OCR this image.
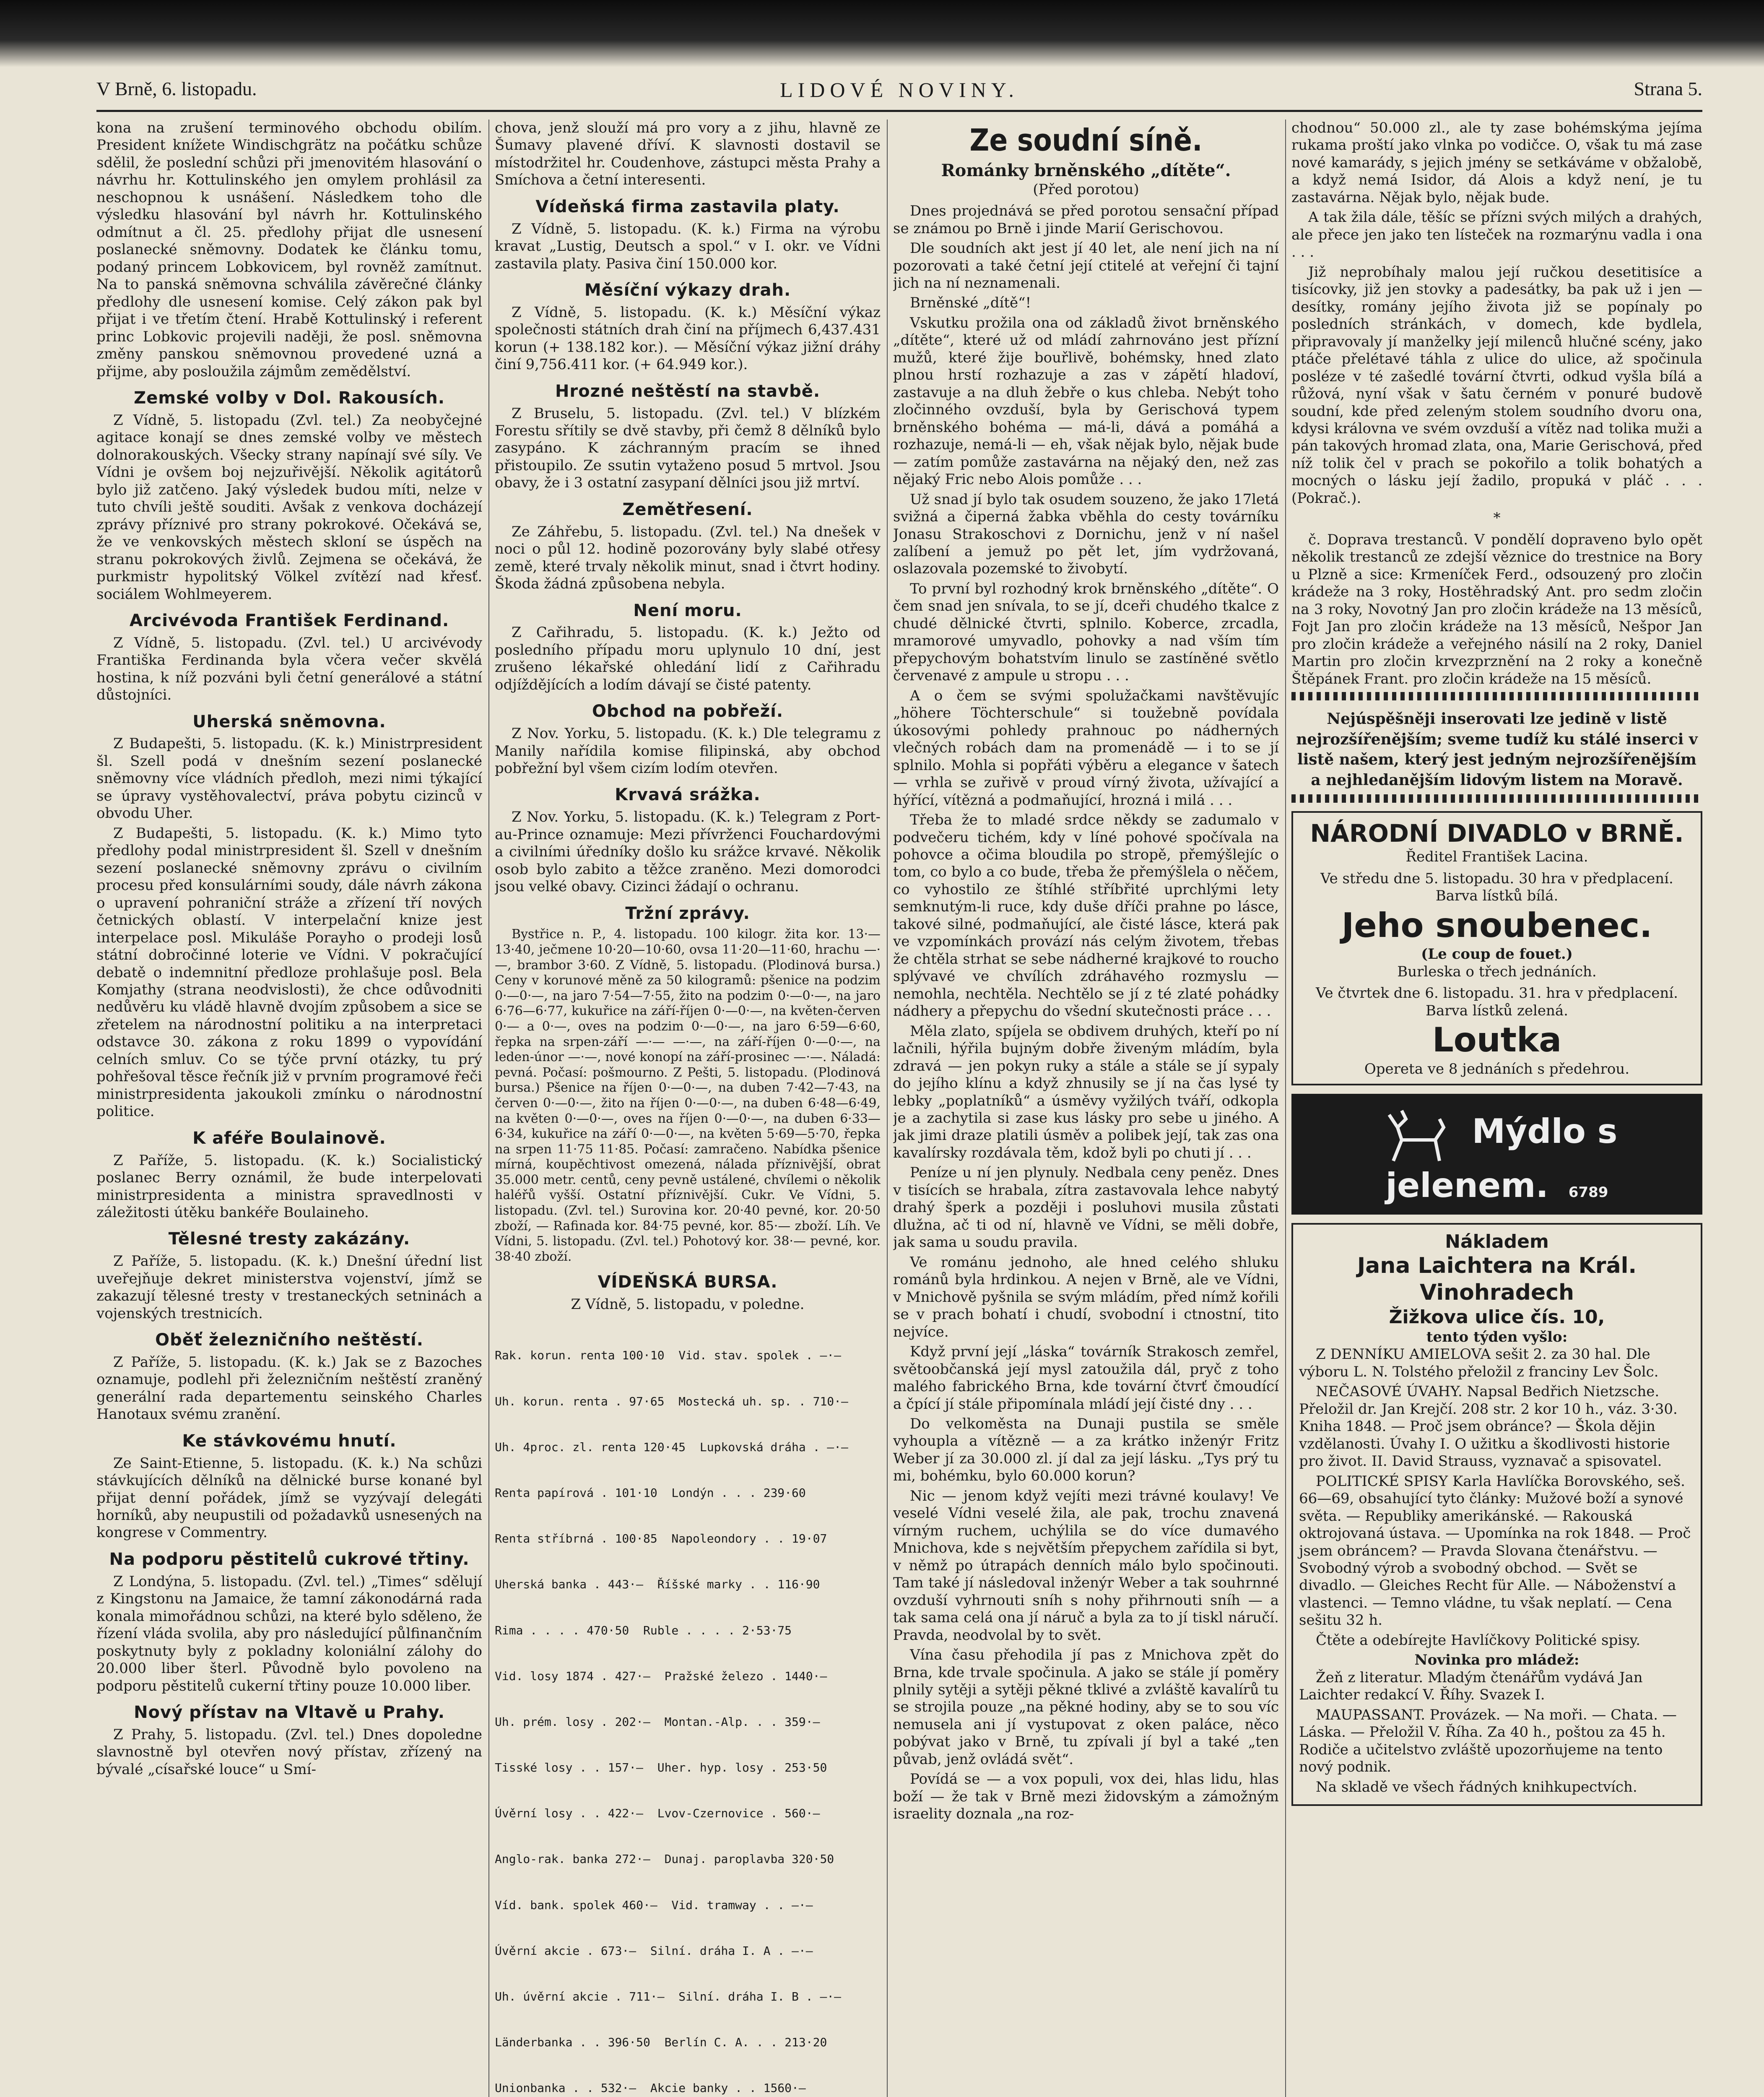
V Brně, 6. listopadu.	LIDOVÉ NOVINY.	Strana 5.

kona na zrušení terminového obchodu obilím. President knížete Windischgrätz na počátku schůze sdělil, že poslední schůzi při jmenovitém hlasování o návrhu hr. Kottulinského jen omylem prohlásil za neschopnou k usnášení. Následkem toho dle výsledku hlasování byl návrh hr. Kottulinského odmítnut a čl. 25. předlohy přijat dle usnesení poslanecké sněmovny. Dodatek ke článku tomu, podaný princem Lobkovicem, byl rovněž zamítnut. Na to panská sněmovna schválila závěrečné články předlohy dle usnesení komise. Celý zákon pak byl přijat i ve třetím čtení. Hrabě Kottulinský i referent princ Lobkovic projevili naději, že posl. sněmovna změny panskou sněmovnou provedené uzná a přijme, aby posloužila zájmům zemědělství.

Zemské volby v Dol. Rakousích.

Z Vídně, 5. listopadu (Zvl. tel.) Za neobyčejné agitace konají se dnes zemské volby ve městech dolnorakouských. Všecky strany napínají své síly. Ve Vídni je ovšem boj nejzuřivější. Několik agitátorů bylo již zatčeno. Jaký výsledek budou míti, nelze v tuto chvíli ještě souditi. Avšak z venkova docházejí zprávy příznivé pro strany pokrokové. Očekává se, že ve venkovských městech skloní se úspěch na stranu pokrokových živlů. Zejmena se očekává, že purkmistr hypolitský Völkel zvítězí nad křesť. sociálem Wohlmeyerem.

Arcivévoda František Ferdinand.

Z Vídně, 5. listopadu. (Zvl. tel.) U arcivévody Františka Ferdinanda byla včera večer skvělá hostina, k níž pozváni byli četní generálové a státní důstojníci.

Uherská sněmovna.

Z Budapešti, 5. listopadu. (K. k.) Ministrpresident šl. Szell podá v dnešním sezení poslanecké sněmovny více vládních předloh, mezi nimi týkající se úpravy vystěhovalectví, práva pobytu cizinců v obvodu Uher.

Z Budapešti, 5. listopadu. (K. k.) Mimo tyto předlohy podal ministrpresident šl. Szell v dnešním sezení poslanecké sněmovny zprávu o civilním procesu před konsulárními soudy, dále návrh zákona o upravení pohraniční stráže a zřízení tří nových četnických oblastí. V interpelační knize jest interpelace posl. Mikuláše Porayho o prodeji losů státní dobročinné loterie ve Vídni. V pokračující debatě o indemnitní předloze prohlašuje posl. Bela Komjathy (strana neodvislosti), že chce odůvodniti nedůvěru ku vládě hlavně dvojím způsobem a sice se zřetelem na národnostní politiku a na interpretaci odstavce 30. zákona z roku 1899 o vypovídání celních smluv. Co se týče první otázky, tu prý pohřešoval těsce řečník již v prvním programové řeči ministrpresidenta jakoukoli zmínku o národnostní politice.

K aféře Boulainově.

Z Paříže, 5. listopadu. (K. k.) Socialistický poslanec Berry oznámil, že bude interpelovati ministrpresidenta a ministra spravedlnosti v záležitosti útěku bankéře Boulaineho.

Tělesné tresty zakázány.

Z Paříže, 5. listopadu. (K. k.) Dnešní úřední list uveřejňuje dekret ministerstva vojenství, jímž se zakazují tělesné tresty v trestaneckých setninách a vojenských trestnicích.

Oběť železničního neštěstí.

Z Paříže, 5. listopadu. (K. k.) Jak se z Bazoches oznamuje, podlehl při železničním neštěstí zraněný generální rada departementu seinského Charles Hanotaux svému zranění.

Ke stávkovému hnutí.

Ze Saint-Etienne, 5. listopadu. (K. k.) Na schůzi stávkujících dělníků na dělnické burse konané byl přijat denní pořádek, jímž se vyzývají delegáti horníků, aby neupustili od požadavků usnesených na kongrese v Commentry.

Na podporu pěstitelů cukrové třtiny.

Z Londýna, 5. listopadu. (Zvl. tel.) „Times“ sdělují z Kingstonu na Jamaice, že tamní zákonodárná rada konala mimořádnou schůzi, na které bylo sděleno, že řízení vláda svolila, aby pro následující půlfinančním poskytnuty byly z pokladny koloniální zálohy do 20.000 liber šterl. Původně bylo povoleno na podporu pěstitelů cukerní třtiny pouze 10.000 liber.

Nový přístav na Vltavě u Prahy.

Z Prahy, 5. listopadu. (Zvl. tel.) Dnes dopoledne slavnostně byl otevřen nový přístav, zřízený na bývalé „císařské louce“ u Smí-

chova, jenž slouží má pro vory a z jihu, hlavně ze Šumavy plavené dříví. K slavnosti dostavil se místodržitel hr. Coudenhove, zástupci města Prahy a Smíchova a četní interesenti.

Vídeňská firma zastavila platy.

Z Vídně, 5. listopadu. (K. k.) Firma na výrobu kravat „Lustig, Deutsch a spol.“ v I. okr. ve Vídni zastavila platy. Pasiva činí 150.000 kor.

Měsíční výkazy drah.

Z Vídně, 5. listopadu. (K. k.) Měsíční výkaz společnosti státních drah činí na příjmech 6,437.431 korun (+ 138.182 kor.). — Měsíční výkaz jižní dráhy činí 9,756.411 kor. (+ 64.949 kor.).

Hrozné neštěstí na stavbě.

Z Bruselu, 5. listopadu. (Zvl. tel.) V blízkém Forestu sřítily se dvě stavby, při čemž 8 dělníků bylo zasypáno. K záchranným pracím se ihned přistoupilo. Ze ssutin vytaženo posud 5 mrtvol. Jsou obavy, že i 3 ostatní zasypaní dělníci jsou již mrtví.

Zemětřesení.

Ze Záhřebu, 5. listopadu. (Zvl. tel.) Na dnešek v noci o půl 12. hodině pozorovány byly slabé otřesy země, které trvaly několik minut, snad i čtvrt hodiny. Škoda žádná způsobena nebyla.

Není moru.

Z Cařihradu, 5. listopadu. (K. k.) Ježto od posledního případu moru uplynulo 10 dní, jest zrušeno lékařské ohledání lidí z Cařihradu odjíždějících a lodím dávají se čisté patenty.

Obchod na pobřeží.

Z Nov. Yorku, 5. listopadu. (K. k.) Dle telegramu z Manily nařídila komise filipinská, aby obchod pobřežní byl všem cizím lodím otevřen.

Krvavá srážka.

Z Nov. Yorku, 5. listopadu. (K. k.) Telegram z Port-au-Prince oznamuje: Mezi přívrženci Fouchardovými a civilními úředníky došlo ku srážce krvavé. Několik osob bylo zabito a těžce zraněno. Mezi domorodci jsou velké obavy. Cizinci žádají o ochranu.

Tržní zprávy.

Bystřice n. P., 4. listopadu. 100 kilogr. žita kor. 13·—13·40, ječmene 10·20—10·60, ovsa 11·20—11·60, hrachu —·—, brambor 3·60. Z Vídně, 5. listopadu. (Plodinová bursa.) Ceny v korunové měně za 50 kilogramů: pšenice na podzim 0·—0·—, na jaro 7·54—7·55, žito na podzim 0·—0·—, na jaro 6·76—6·77, kukuřice na září-říjen 0·—0·—, na květen-červen 0·— a 0·—, oves na podzim 0·—0·—, na jaro 6·59—6·60, řepka na srpen-září —·— —·—, na září-říjen 0·—0·—, na leden-únor —·—, nové konopí na září-prosinec —·—. Náladá: pevná. Počasí: pošmourno. Z Pešti, 5. listopadu. (Plodinová bursa.) Pšenice na říjen 0·—0·—, na duben 7·42—7·43, na červen 0·—0·—, žito na říjen 0·—0·—, na duben 6·48—6·49, na květen 0·—0·—, oves na říjen 0·—0·—, na duben 6·33—6·34, kukuřice na září 0·—0·—, na květen 5·69—5·70, řepka na srpen 11·75 11·85. Počasí: zamračeno. Nabídka pšenice mírná, koupěchtivost omezená, nálada příznivější, obrat 35.000 metr. centů, ceny pevně ustálené, chvílemi o několik haléřů vyšší. Ostatní příznivější. Cukr. Ve Vídni, 5. listopadu. (Zvl. tel.) Surovina kor. 20·40 pevné, kor. 20·50 zboží, — Rafinada kor. 84·75 pevné, kor. 85·— zboží. Líh. Ve Vídni, 5. listopadu. (Zvl. tel.) Pohotový kor. 38·— pevné, kor. 38·40 zboží.

VÍDEŇSKÁ BURSA.
Z Vídně, 5. listopadu, v poledne.

Rak. korun. renta 100·10  Vid. stav. spolek . —·—

Uh. korun. renta . 97·65  Mostecká uh. sp. . 710·—

Uh. 4proc. zl. renta 120·45  Lupkovská dráha . —·—

Renta papírová . 101·10  Londýn . . . 239·60

Renta stříbrná . 100·85  Napoleondory . . 19·07

Uherská banka . 443·—  Říšské marky . . 116·90

Rima . . . . 470·50  Ruble . . . . 2·53·75

Vid. losy 1874 . 427·—  Pražské železo . 1440·—

Uh. prém. losy . 202·—  Montan.-Alp. . . 359·—

Tisské losy . . 157·—  Uher. hyp. losy . 253·50

Úvěrní losy . . 422·—  Lvov-Czernovice . 560·—

Anglo-rak. banka 272·—  Dunaj. paroplavba 320·50

Víd. bank. spolek 460·—  Vid. tramway . . —·—

Úvěrní akcie . 673·—  Silní. dráha I. A . —·—

Uh. úvěrní akcie . 711·—  Silní. dráha I. B . —·—

Länderbanka . . 396·50  Berlín C. A. . . 213·20

Unionbanka . . 532·—  Akcie banky . . 1560·—

Ze soudní síně.
Románky brněnského „dítěte“.
(Před porotou)

Dnes projednává se před porotou sensační případ se známou po Brně i jinde Marií Gerischovou.

Dle soudních akt jest jí 40 let, ale není jich na ní pozorovati a také četní její ctitelé at veřejní či tajní jich na ní neznamenali.

Brněnské „dítě“!

Vskutku prožila ona od základů život brněnského „dítěte“, které už od mládí zahrnováno jest přízní mužů, které žije bouřlivě, bohémsky, hned zlato plnou hrstí rozhazuje a zas v zápětí hladoví, zastavuje a na dluh žebře o kus chleba. Nebýt toho zločinného ovzduší, byla by Gerischová typem brněnského bohéma — má-li, dává a pomáhá a rozhazuje, nemá-li — eh, však nějak bylo, nějak bude — zatím pomůže zastavárna na nějaký den, než zas nějaký Fric nebo Alois pomůže . . .

Už snad jí bylo tak osudem souzeno, že jako 17letá svižná a čiperná žabka vběhla do cesty továrníku Jonasu Strakoschovi z Dornichu, jenž v ní našel zalíbení a jemuž po pět let, jím vydržovaná, oslazovala pozemské to živobytí.

To první byl rozhodný krok brněnského „dítěte“. O čem snad jen snívala, to se jí, dceři chudého tkalce z chudé dělnické čtvrti, splnilo. Koberce, zrcadla, mramorové umyvadlo, pohovky a nad vším tím přepychovým bohatstvím linulo se zastíněné světlo červenavé z ampule u stropu . . .

A o čem se svými spolužačkami navštěvujíc „höhere Töchterschule“ si toužebně povídala úkosovými pohledy prahnouc po nádherných vlečných robách dam na promenádě — i to se jí splnilo. Mohla si popřáti výběru a elegance v šatech — vrhla se zuřivě v proud vírný života, užívající a hýřící, vítězná a podmaňující, hrozná i milá . . .

Třeba že to mladé srdce někdy se zadumalo v podvečeru tichém, kdy v líné pohové spočívala na pohovce a očima bloudila po stropě, přemýšlejíc o tom, co bylo a co bude, třeba že přemýšlela o něčem, co vyhostilo ze štíhlé stříbřité uprchlými lety semknutým-li ruce, kdy duše dříči prahne po lásce, takové silné, podmaňující, ale čisté lásce, která pak ve vzpomínkách provází nás celým životem, třebas že chtěla strhat se sebe nádherné krajkové to roucho splývavé ve chvílích zdráhavého rozmyslu — nemohla, nechtěla. Nechtělo se jí z té zlaté pohádky nádhery a přepychu do všední skutečnosti práce . . .

Měla zlato, spíjela se obdivem druhých, kteří po ní lačnili, hýřila bujným dobře živeným mládím, byla zdravá — jen pokyn ruky a stále a stále se jí sypaly do jejího klínu a když zhnusily se jí na čas lysé ty lebky „poplatníků“ a úsměvy vyžilých tváří, odkopla je a zachytila si zase kus lásky pro sebe u jiného. A jak jimi draze platili úsměv a polibek její, tak zas ona kavalírsky rozdávala těm, kdož byli po chuti jí . . .

Peníze u ní jen plynuly. Nedbala ceny peněz. Dnes v tisících se hrabala, zítra zastavovala lehce nabytý drahý šperk a později i posluhovi musila zůstati dlužna, ač ti od ní, hlavně ve Vídni, se měli dobře, jak sama u soudu pravila.

Ve románu jednoho, ale hned celého shluku románů byla hrdinkou. A nejen v Brně, ale ve Vídni, v Mnichově pyšnila se svým mládím, před nímž kořili se v prach bohatí i chudí, svobodní i ctnostní, tito nejvíce.

Když první její „láska“ továrník Strakosch zemřel, světoobčanská její mysl zatoužila dál, pryč z toho malého fabrického Brna, kde tovární čtvrť čmoudící a čpící jí stále připomínala mládí její čisté dny . . .

Do velkoměsta na Dunaji pustila se směle vyhoupla a vítězně — a za krátko inženýr Fritz Weber jí za 30.000 zl. jí dal za její lásku. „Tys prý tu mi, bohémku, bylo 60.000 korun?

Nic — jenom když vejíti mezi trávné koulavy! Ve veselé Vídni veselé žila, ale pak, trochu znavená vírným ruchem, uchýlila se do více dumavého Mnichova, kde s největším přepychem zařídila si byt, v němž po útrapách denních málo bylo spočinouti. Tam také jí následoval inženýr Weber a tak souhrnné ovzduší vyhrnouti sníh s nohy přihrnouti sníh — a tak sama celá ona jí náruč a byla za to jí tiskl náručí. Pravda, neodvolal by to svět.

Vína času přehodila jí pas z Mnichova zpět do Brna, kde trvale spočinula. A jako se stále jí poměry plnily sytěji a sytěji pěkné tklivé a zvláště kavalírů tu se strojila pouze „na pěkné hodiny, aby se to sou víc nemusela ani jí vystupovat z oken paláce, něco pobývat jako v Brně, tu zpívali jí byl a také „ten půvab, jenž ovládá svět“.

Povídá se — a vox populi, vox dei, hlas lidu, hlas boží — že tak v Brně mezi židovským a zámožným israelity doznala „na roz-

chodnou“ 50.000 zl., ale ty zase bohémskýma jejíma rukama proští jako vlnka po vodičce. O, však tu má zase nové kamarády, s jejich jmény se setkáváme v obžalobě, a když nemá Isidor, dá Alois a když není, je tu zastavárna. Nějak bylo, nějak bude.

A tak žila dále, těšíc se přízni svých milých a drahých, ale přece jen jako ten lísteček na rozmarýnu vadla i ona . . .

Již neprobíhaly malou její ručkou desetitisíce a tisícovky, již jen stovky a padesátky, ba pak už i jen — desítky, romány jejího života již se popínaly po posledních stránkách, v domech, kde bydlela, připravovaly jí manželky její milenců hlučné scény, jako ptáče přelétavé táhla z ulice do ulice, až spočinula posléze v té zašedlé tovární čtvrti, odkud vyšla bílá a růžová, nyní však v šatu černém v ponuré budově soudní, kde před zeleným stolem soudního dvoru ona, kdysi královna ve svém ovzduší a vítěz nad tolika muži a pán takových hromad zlata, ona, Marie Gerischová, před níž tolik čel v prach se pokořilo a tolik bohatých a mocných o lásku její žadilo, propuká v pláč . . . (Pokrač.).

*

č. Doprava trestanců. V pondělí dopraveno bylo opět několik trestanců ze zdejší věznice do trestnice na Bory u Plzně a sice: Krmeníček Ferd., odsouzený pro zločin krádeže na 3 roky, Hostěhradský Ant. pro sedm zločin na 3 roky, Novotný Jan pro zločin krádeže na 13 měsíců, Fojt Jan pro zločin krádeže na 13 měsíců, Nešpor Jan pro zločin krádeže a veřejného násilí na 2 roky, Daniel Martin pro zločin krvezprznění na 2 roky a konečně Štěpánek Frant. pro zločin krádeže na 15 měsíců.

Nejúspěšněji inserovati lze jedině v listě nejrozšířenějším; sveme tudíž ku stálé inserci v listě našem, který jest jedným nejrozšířenějším a nejhledanějším lidovým listem na Moravě.
NÁRODNÍ DIVADLO v BRNĚ.
Ředitel František Lacina.
Ve středu dne 5. listopadu. 30 hra v předplacení. Barva lístků bílá.
Jeho snoubenec.
(Le coup de fouet.)
Burleska o třech jednáních.
Ve čtvrtek dne 6. listopadu. 31. hra v předplacení. Barva lístků zelená.
Loutka
Opereta ve 8 jednáních s předehrou.
Mýdlo s jelenem. 6789
Nákladem
Jana Laichtera na Král. Vinohradech
Žižkova ulice čís. 10,
tento týden vyšlo:

Z DENNÍKU AMIELOVA sešit 2. za 30 hal. Dle výboru L. N. Tolstého přeložil z franciny Lev Šolc.

NEČASOVÉ ÚVAHY. Napsal Bedřich Nietzsche. Přeložil dr. Jan Krejčí. 208 str. 2 kor 10 h., váz. 3·30. Kniha 1848. — Proč jsem obránce? — Škola dějin vzdělanosti. Úvahy I. O užitku a škodlivosti historie pro život. II. David Strauss, vyznavač a spisovatel.

POLITICKÉ SPISY Karla Havlíčka Borovského, seš. 66—69, obsahující tyto články: Mužové boží a synové světa. — Republiky amerikánské. — Rakouská oktrojovaná ústava. — Upomínka na rok 1848. — Proč jsem obráncem? — Pravda Slovana čtenářstvu. — Svobodný výrob a svobodný obchod. — Svět se divadlo. — Gleiches Recht für Alle. — Náboženství a vlastenci. — Temno vládne, tu však neplatí. — Cena sešitu 32 h.

Čtěte a odebírejte Havlíčkovy Politické spisy.

Novinka pro mládež:

Žeň z literatur. Mladým čtenářům vydává Jan Laichter redakcí V. Říhy. Svazek I.

MAUPASSANT. Provázek. — Na moři. — Chata. — Láska. — Přeložil V. Říha. Za 40 h., poštou za 45 h. Rodiče a učitelstvo zvláště upozorňujeme na tento nový podnik.

Na skladě ve všech řádných knihkupectvích.
